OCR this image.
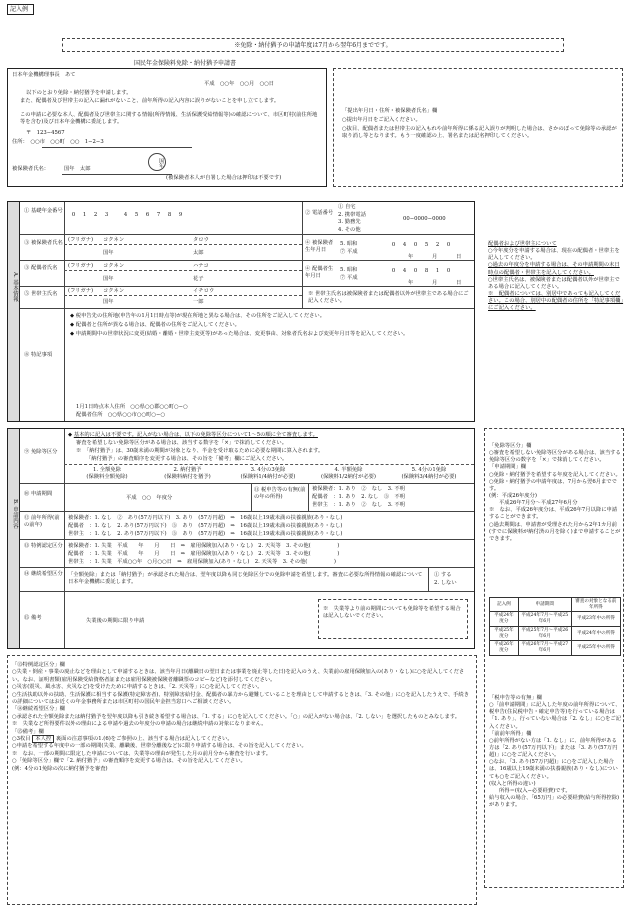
記入例
※免除・納付猶予の申請年度は7月から翌年6月までです。
国民年金保険料免除・納付猶予申請書
日本年金機構理事長　あて
平成　○○年　○○月　○○日
以下のとおり免除・納付猶予を申請します。
また、配偶者及び世帯主の記入に漏れがないこと、前年所得の記入内容に誤りがないことを申し立てします。
この申請に必要な本人、配偶者及び世帯主に関する情報(所得情報、生活保護受給情報等)の確認について、市区町村(前住所地等を含む)及び日本年金機構に委託します。
〒　123−4567
住所：　○○市　○○町　○○　1−2−3
被保険者氏名：	国年　太郎
国年
(被保険者本人が自署した場合は押印は不要です)
「提出年月日・住所・被保険者氏名」欄
○提出年月日をご記入ください。
○抜目、配偶者または世帯主の記入もれや前年所得に係る記入誤りが判明した場合は、さかのぼって免除等の承認が取り消し等となります。もう一度確認の上、署名または記名押印してください。
A. 基本情報
① 基礎年金番号
0 1 2 3	4 5 6 7 8 9	② 電話番号
① 自宅
2. 携帯電話
3. 勤務先
4. その他
00−0000−0000
③ 被保険者氏名 (フリガナ) コクネン	タロウ
国年	太郎
④ 被保険者生年月日
5. 昭和
⑦ 平成
0 4 0 5 2 0
年	月	日
③ 配偶者氏名	(フリガナ) コクネン	ハナコ
国年	花子
④ 配偶者生年月日
5. 昭和
⑦ 平成
0 4 0 8 1 0
年	月	日
⑤ 世帯主氏名	(フリガナ) コクネン	イチロウ
国年	一郎
※ 世帯主氏名は被保険者または配偶者以外が世帯主である場合にご記入ください。
⑧ 特記事項
◆ 税申告先の住所地(申告年の1月1日時点等)が現在所地と異なる場合は、その住所をご記入してください。
◆ 配偶者と住所が異なる場合は、配偶者の住所をご記入してください。
◆ 申請期間中の世帯状況に変更(結婚・離婚・世帯主変更等)があった場合は、変更事由、対象者氏名および変更年月日等を記入してください。
1月1日時点本人住所　○○県○○郡○○町○−○
配偶者住所　○○県○○市○○町○−○
配偶者および世帯主について
○今年度分を申請する場合は、現在の配偶者・世帯主を記入してください。
○過去の年度分を申請する場合は、その申請期間の末日時点の配偶者・世帯主を記入してください。
○世帯主氏名は、被保険者または配偶者以外が世帯主である場合に記入してください。
※　配偶者については、別居中であっても記入してください。この場合、別居中の配偶者の住所を「特記事項欄」にご記入ください。
B. 申請内容
⑨ 免除等区分
◆ 基本的に記入は不要です。記入がない場合は、以下の免除等区分について1〜5の順に全て審査します。
審査を希望しない免除等区分がある場合は、該当する数字を「×」で抹消してください。
※　「納付猶予」は、30歳未満の期間が対象となり、半金を受け取るために必要な期間に算入されます。
「納付猶予」の審査順序を変更する場合は、その旨を「備考」欄にご記入ください。
1. 全額免除
(保険料全額免除)
2. 納付猶予
(保険料納付を猶予)
3. 4分の3免除
(保険料1/4納付が必要)
4. 半額免除
(保険料1/2納付が必要)
5. 4分の1免除
(保険料3/4納付が必要)
⑩ 申請期間
平成　○○　年度分
⑪ 税申告等の有無(前の年の所得)
被保険者：1. あり　②　なし　3. 不明
配偶者　：1. あり　2. なし　③　不明
世帯主　：1. あり　②　なし　3. 不明
⑫ 前年所得(前の前年)
被保険者：1. なし　②　あり(57万円以下)　3. あり　(57万円超)　⇒　16歳以上19歳未満の扶養親族(あり・なし)
配偶者　：1. なし　2. あり(57万円以下)　③　あり　(57万円超)　⇒　16歳以上19歳未満の扶養親族(あり・なし)
世帯主　：1. なし　2. あり(57万円以下)　③　あり　(57万円超)　⇒　16歳以上19歳未満の扶養親族(あり・なし)
⑬ 特例認定区分 被保険者：1. 失業　平成　　年　　月　　日　⇒　雇用保険加入(あり・なし)　2. 天災等　3. その他(　　　　　)
配偶者　：1. 失業　平成　　年　　月　　日　⇒　雇用保険加入(あり・なし)　2. 天災等　3. その他(　　　　　)
世帯主　：1. 失業　平成○○年　○月○○日　⇒　雇用保険加入(あり・なし)　2. 天災等　3. その他(　　　　　)
⑭ 継続希望区分 「全額免除」または「納付猶予」が承認された場合は、翌年度以降も同じ免除区分での免除申請を希望します。審査に必要な所得情報の確認について日本年金機構に委託します。
① する
2. しない
⑮ 備考	失業後の期間に限り申請
※　失業等より前の期間についても免除等を希望する場合は記入しないでください。
「免除等区分」欄
○審査を希望しない免除等区分がある場合は、該当する免除等区分の数字を「×」で抹消してください。
「申請期間」欄
○免除・納付猶予を希望する年度を記入してください。
○免除・納付猶予の申請年度は、7月から翌6月までです。
(例：平成26年度分)
平成26年7月分〜平成27年6月分
※　なお、平成26年度分は、平成26年7月以降に申請することができます。
○過去期間は、申請書が受理された月から2年1カ月前(すでに保険料が納付済の月を除く)まで申請することができます。
記入例	申請期間	審査の対象となる前年所得
平成24年度分	平成24年7月〜平成25年6月	平成23年中の所得
平成25年度分	平成25年7月〜平成26年6月	平成24年中の所得
平成26年度分	平成26年7月〜平成27年6月	平成25年中の所得
「税申告等の有無」欄
○「前申請期間」に記入した年度の前年所得について、税申告(住民税申告・確定申告等)を行っている場合は「1. あり」、行っていない場合は「2. なし」に○をご記入ください。
「前前年所得」欄
○前年所得がない方は「1. なし」に、前年所得がある方は「2. あり(57万円以下)」または「3. あり(57万円超)」に○をご記入ください。
○なお、「3. あり(57万円超)」に○をご記入した場合は、16歳以上19歳未満の扶養親族(あり・なし)についても○をご記入ください。
(収入と所得の違い)
所得＝(収入−必要経費)です。
給与収入の場合、「65万円」の必要経費(給与所得控除)があります。
「⑬特例認定区分」欄
○失業・倒産・事業の廃止などを理由として申請するときは、該当年月日(離職日の翌日または事業を廃止等した日)を記入のうえ、失業前の雇用保険加入の(あり・なし)に○を記入してください。なお、証明書類(雇用保険受給資格者証または雇用保険被保険者離職票のコピーなど)を添付してください。
○災害(震災、風水害、火災など)を受けたために申請するときは、「2. 天災等」に○を記入してください。
○生活扶助以外の扶助、生活保護に相当する保護(特定障害者)、特別障害給付金、配偶者の暴力から避難していることを理由として申請するときは、「3. その他」に○を記入したうえで、手続きの詳細についてはお近くの年金事務所または市区町村の国民年金担当窓口へご相談ください。
「⑭継続希望区分」欄
○承認された全額免除または納付猶予を翌年度以降も引き続き希望する場合は、「1. する」に○を記入してください。「○」の記入がない場合は、「2. しない」を選択したものとみなします。
※　失業など所得要件以外の理由による申請や過去の年度分の申請の場合は継続申請の対象になりません。
「⑮備考」欄
○3枚目 本人控 裏面の注意事項の1.(6)をご参照の上、該当する場合は記入してください。
○申請を希望する年度中の一部の期間(失業、離職後、世帯分離後など)に限り申請する場合は、その旨を記入してください。
※　なお、一部の期間に限定した申請については、失業等の理由が発生した月の前月分から審査を行います。
○「免除等区分」欄で「2. 納付猶予」の審査順序を変更する場合は、その旨を記入してください。
(例：4分の1免除の次に納付猶予を審査)
